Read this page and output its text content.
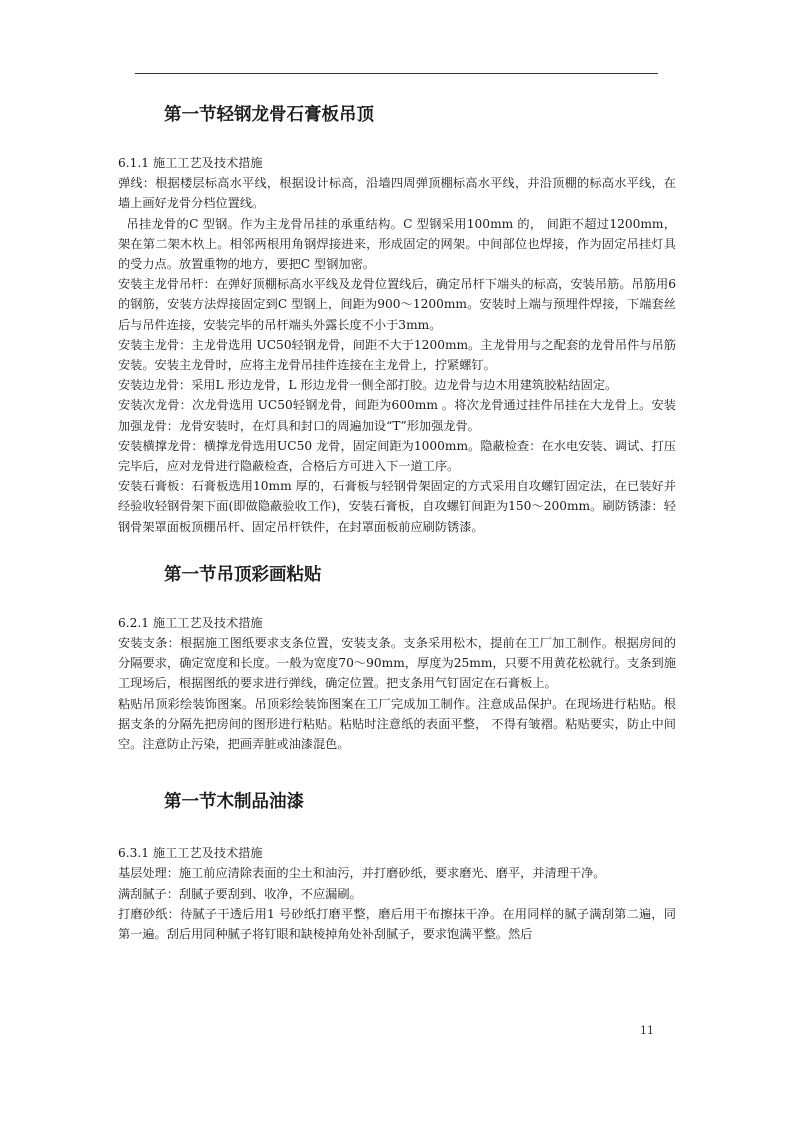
第一节轻钢龙骨石膏板吊顶

6.1.1 施工工艺及技术措施

弹线：根据楼层标高水平线，根据设计标高，沿墙四周弹顶棚标高水平线，并沿顶棚的标高水平线，在墙上画好龙骨分档位置线。

吊挂龙骨的C 型钢。作为主龙骨吊挂的承重结构。C 型钢采用100mm 的， 间距不超过1200mm， 架在第二架木杦上。相邻两根用角钢焊接进来，形成固定的网架。中间部位也焊接，作为固定吊挂灯具的受力点。放置重物的地方，要把C 型钢加密。

安装主龙骨吊杆：在弹好顶棚标高水平线及龙骨位置线后，确定吊杆下端头的标高，安装吊筋。吊筋用6 的钢筋，安装方法焊接固定到C 型钢上，间距为900～1200mm。安装时上端与预埋件焊接，下端套丝后与吊件连接，安装完毕的吊杆端头外露长度不小于3mm。

安装主龙骨：主龙骨选用 UC50轻钢龙骨，间距不大于1200mm。主龙骨用与之配套的龙骨吊件与吊筋安装。安装主龙骨时，应将主龙骨吊挂件连接在主龙骨上，拧紧螺钉。

安装边龙骨：采用L 形边龙骨，L 形边龙骨一侧全部打胶。边龙骨与边木用建筑胶粘结固定。

安装次龙骨：次龙骨选用 UC50轻钢龙骨，间距为600mm 。将次龙骨通过挂件吊挂在大龙骨上。安装加强龙骨：龙骨安装时，在灯具和封口的周遍加设“T”形加强龙骨。

安装横撑龙骨：横撑龙骨选用UC50 龙骨，固定间距为1000mm。隐蔽检查：在水电安装、调试、打压完毕后，应对龙骨进行隐蔽检查，合格后方可进入下一道工序。

安装石膏板：石膏板选用10mm 厚的，石膏板与轻钢骨架固定的方式采用自攻螺钉固定法，在已装好并经验收轻钢骨架下面(即做隐蔽验收工作)，安装石膏板，自攻螺钉间距为150～200mm。刷防锈漆：轻钢骨架罩面板顶棚吊杆、固定吊杆铁件，在封罩面板前应刷防锈漆。

第一节吊顶彩画粘贴

6.2.1 施工工艺及技术措施

安装支条：根据施工图纸要求支条位置，安装支条。支条采用松木，提前在工厂加工制作。根据房间的分隔要求，确定宽度和长度。一般为宽度70～90mm，厚度为25mm，只要不用黄花松就行。支条到施工现场后，根据图纸的要求进行弹线，确定位置。把支条用气钉固定在石膏板上。

粘贴吊顶彩绘装饰图案。吊顶彩绘装饰图案在工厂完成加工制作。注意成品保护。在现场进行粘贴。根据支条的分隔先把房间的图形进行粘贴。粘贴时注意纸的表面平整， 不得有皱褶。粘贴要实，防止中间空。注意防止污染，把画弄脏或油漆混色。

第一节木制品油漆

6.3.1 施工工艺及技术措施

基层处理：施工前应清除表面的尘土和油污，并打磨砂纸，要求磨光、磨平，并清理干净。

满刮腻子：刮腻子要刮到、收净，不应漏刷。

打磨砂纸：待腻子干透后用1 号砂纸打磨平整，磨后用干布擦抹干净。在用同样的腻子满刮第二遍，同第一遍。刮后用同种腻子将钉眼和缺棱掉角处补刮腻子，要求饱满平整。然后

11
